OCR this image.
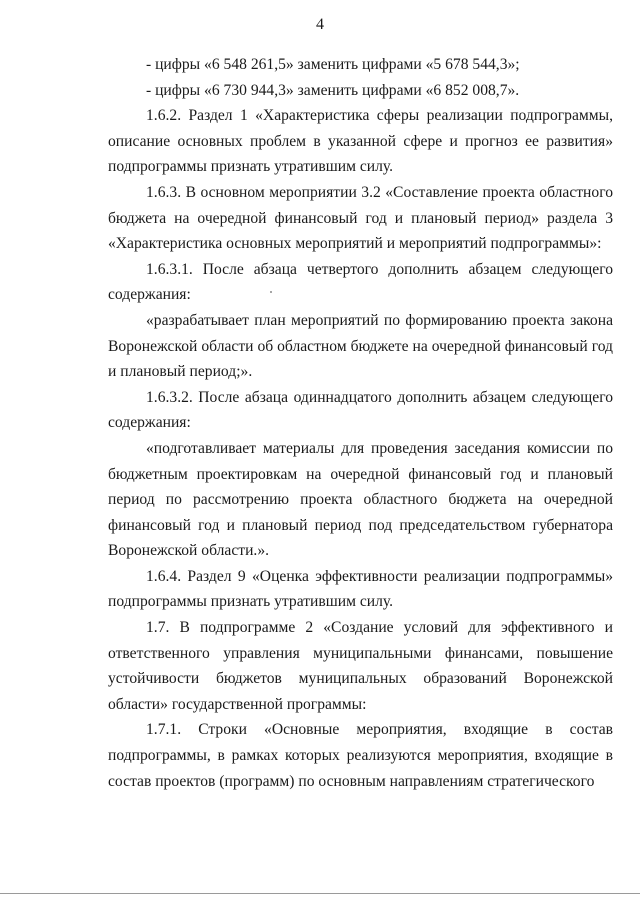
4

- цифры «6 548 261,5» заменить цифрами «5 678 544,3»;

- цифры «6 730 944,3» заменить цифрами «6 852 008,7».

1.6.2. Раздел 1 «Характеристика сферы реализации подпрограммы, описание основных проблем в указанной сфере и прогноз ее развития» подпрограммы признать утратившим силу.

1.6.3. В основном мероприятии 3.2 «Составление проекта областного бюджета на очередной финансовый год и плановый период» раздела 3 «Характеристика основных мероприятий и мероприятий подпрограммы»:

1.6.3.1. После абзаца четвертого дополнить абзацем следующего содержания:

«разрабатывает план мероприятий по формированию проекта закона Воронежской области об областном бюджете на очередной финансовый год и плановый период;».

1.6.3.2. После абзаца одиннадцатого дополнить абзацем следующего содержания:

«подготавливает материалы для проведения заседания комиссии по бюджетным проектировкам на очередной финансовый год и плановый период по рассмотрению проекта областного бюджета на очередной финансовый год и плановый период под председательством губернатора Воронежской области.».

1.6.4. Раздел 9 «Оценка эффективности реализации подпрограммы» подпрограммы признать утратившим силу.

1.7. В подпрограмме 2 «Создание условий для эффективного и ответственного управления муниципальными финансами, повышение устойчивости бюджетов муниципальных образований Воронежской области» государственной программы:

1.7.1. Строки «Основные мероприятия, входящие в состав подпрограммы, в рамках которых реализуются мероприятия, входящие в состав проектов (программ) по основным направлениям стратегического
